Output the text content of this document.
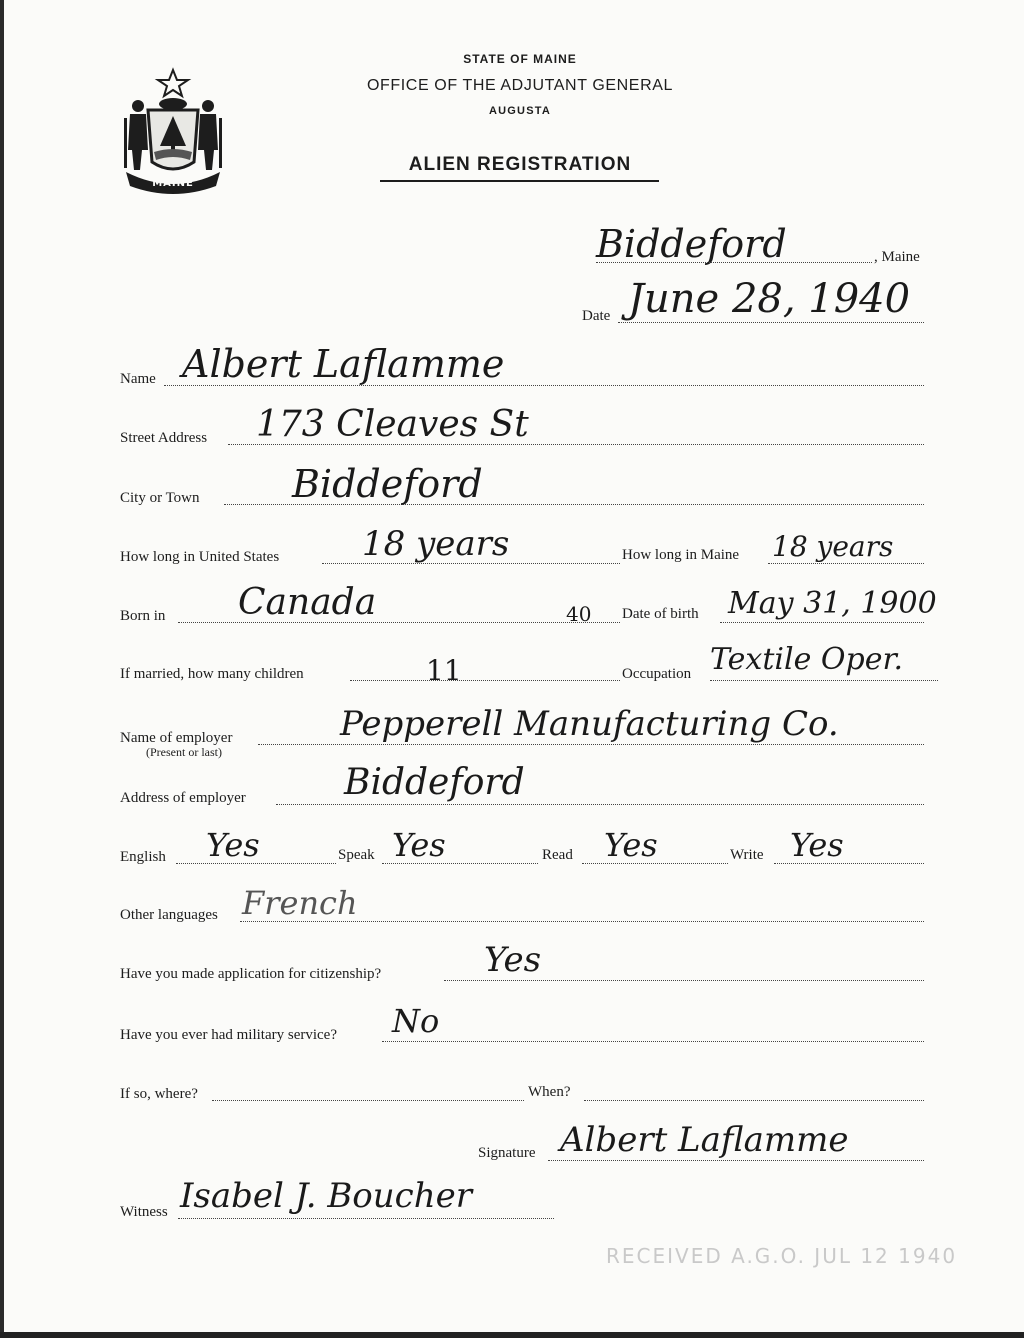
MAINE
STATE OF MAINE
OFFICE OF THE ADJUTANT GENERAL
AUGUSTA
ALIEN REGISTRATION
Biddeford	, Maine
Date June 28, 1940
Name Albert Laflamme
Street Address 173 Cleaves St
City or Town Biddeford
How long in United States 18 years	How long in Maine 18 years
Born in Canada	40 Date of birth May 31, 1900
If married, how many children	11	Occupation Textile Oper.
Name of employer
(Present or last)
Pepperell Manufacturing Co.
Address of employer	Biddeford
English Yes	Speak Yes	Read Yes	Write Yes
Other languages French
Have you made application for citizenship?	Yes
Have you ever had military service? No
If so, where?	When?
Signature Albert Laflamme
Witness Isabel J. Boucher
RECEIVED A.G.O. JUL 12 1940
